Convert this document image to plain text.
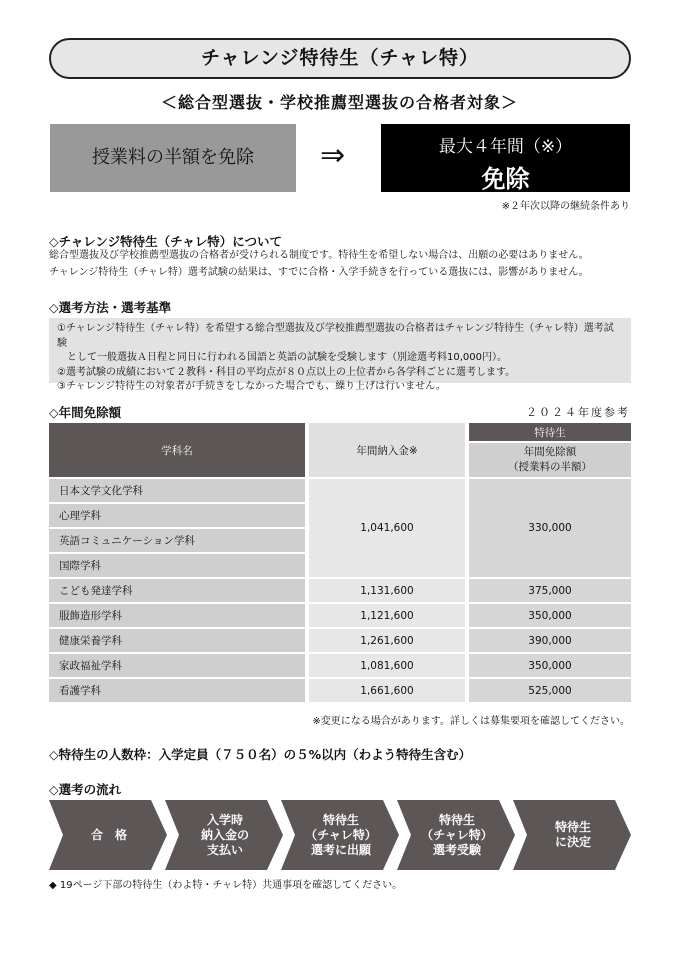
チャレンジ特待生（チャレ特）
＜総合型選抜・学校推薦型選抜の合格者対象＞
授業料の半額を免除	⇒	最大４年間（※）
免除
※２年次以降の継続条件あり
◇チャレンジ特待生（チャレ特）について
総合型選抜及び学校推薦型選抜の合格者が受けられる制度です。特待生を希望しない場合は、出願の必要はありません。
チャレンジ特待生（チャレ特）選考試験の結果は、すでに合格・入学手続きを行っている選抜には、影響がありません。
◇選考方法・選考基準
①チャレンジ特待生（チャレ特）を希望する総合型選抜及び学校推薦型選抜の合格者はチャレンジ特待生（チャレ特）選考試験
　として一般選抜Ａ日程と同日に行われる国語と英語の試験を受験します（別途選考料10,000円）。
②選考試験の成績において２教科・科目の平均点が８０点以上の上位者から各学科ごとに選考します。
③チャレンジ特待生の対象者が手続きをしなかった場合でも、繰り上げは行いません。
◇年間免除額	２０２４年度参考
学科名		年間納入金※		特待生

				年間免除額
（授業料の半額）

日本文学文化学科		1,041,600		330,000
心理学科				
英語コミュニケーション学科				
国際学科				
こども発達学科		1,131,600		375,000
服飾造形学科		1,121,600		350,000
健康栄養学科		1,261,600		390,000
家政福祉学科		1,081,600		350,000
看護学科		1,661,600		525,000
※変更になる場合があります。詳しくは募集要項を確認してください。
◇特待生の人数枠：入学定員（７５０名）の５%以内（わよう特待生含む）
◇選考の流れ
合　格
入学時
納入金の
支払い
特待生
（チャレ特）
選考に出願
特待生
（チャレ特）
選考受験
特待生
に決定
◆ 19ページ下部の特待生（わよ特・チャレ特）共通事項を確認してください。
